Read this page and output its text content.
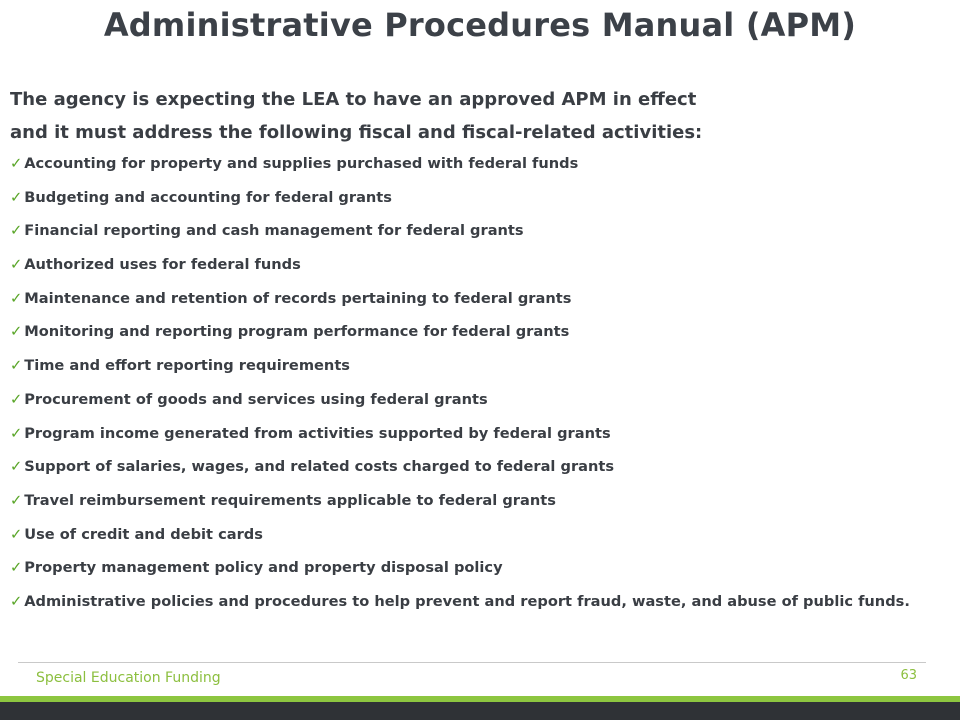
Administrative Procedures Manual (APM)
The agency is expecting the LEA to have an approved APM in effect
and it must address the following fiscal and fiscal-related activities:
✓ Accounting for property and supplies purchased with federal funds
✓ Budgeting and accounting for federal grants
✓ Financial reporting and cash management for federal grants
✓ Authorized uses for federal funds
✓ Maintenance and retention of records pertaining to federal grants
✓ Monitoring and reporting program performance for federal grants
✓ Time and effort reporting requirements
✓ Procurement of goods and services using federal grants
✓ Program income generated from activities supported by federal grants
✓ Support of salaries, wages, and related costs charged to federal grants
✓ Travel reimbursement requirements applicable to federal grants
✓ Use of credit and debit cards
✓ Property management policy and property disposal policy
✓ Administrative policies and procedures to help prevent and report fraud, waste, and abuse of public funds.
Special Education Funding	63
